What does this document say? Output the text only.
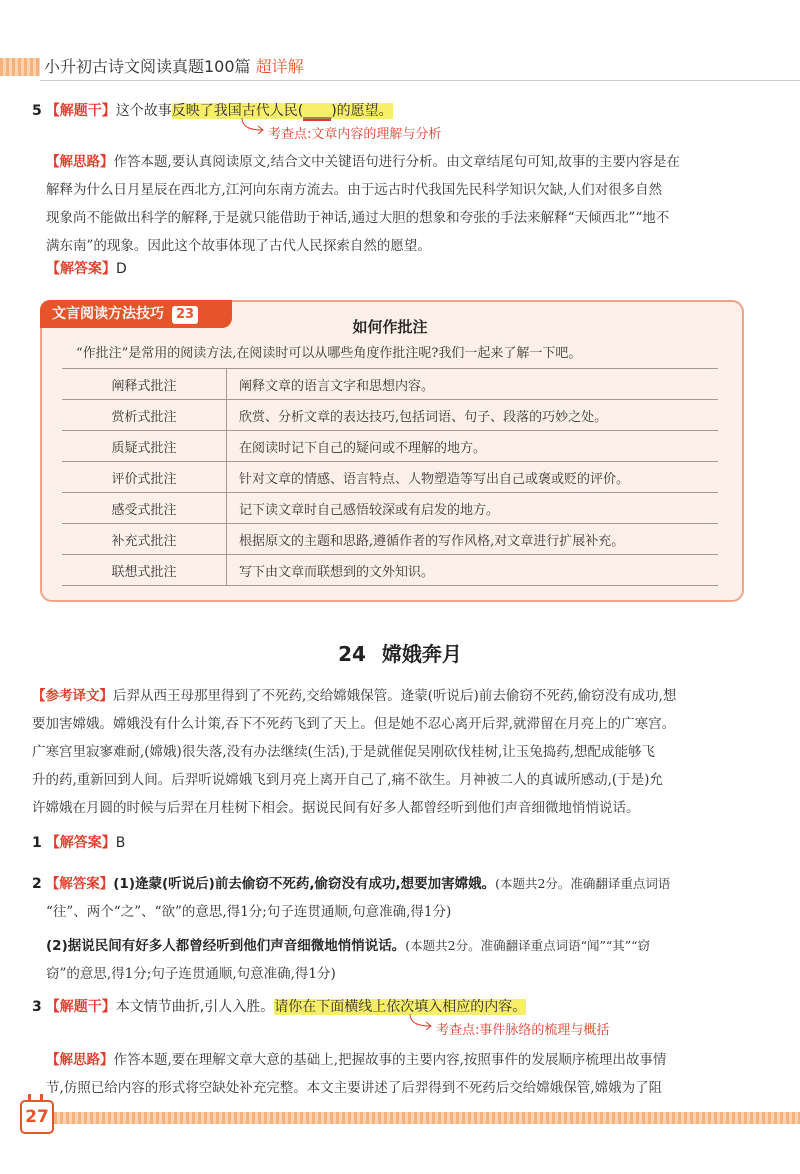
小升初古诗文阅读真题100篇 超详解
5 【解题干】这个故事反映了我国古代人民(____)的愿望。
考查点:文章内容的理解与分析
【解思路】作答本题,要认真阅读原文,结合文中关键语句进行分析。由文章结尾句可知,故事的主要内容是在
解释为什么日月星辰在西北方,江河向东南方流去。由于远古时代我国先民科学知识欠缺,人们对很多自然
现象尚不能做出科学的解释,于是就只能借助于神话,通过大胆的想象和夸张的手法来解释“天倾西北”“地不
满东南”的现象。因此这个故事体现了古代人民探索自然的愿望。
【解答案】D
文言阅读方法技巧 23
如何作批注
“作批注”是常用的阅读方法,在阅读时可以从哪些角度作批注呢?我们一起来了解一下吧。
阐释式批注	阐释文章的语言文字和思想内容。
赏析式批注	欣赏、分析文章的表达技巧,包括词语、句子、段落的巧妙之处。
质疑式批注	在阅读时记下自己的疑问或不理解的地方。
评价式批注	针对文章的情感、语言特点、人物塑造等写出自己或褒或贬的评价。
感受式批注	记下读文章时自己感悟较深或有启发的地方。
补充式批注	根据原文的主题和思路,遵循作者的写作风格,对文章进行扩展补充。
联想式批注	写下由文章而联想到的文外知识。
24 嫦娥奔月
【参考译文】后羿从西王母那里得到了不死药,交给嫦娥保管。逄蒙(听说后)前去偷窃不死药,偷窃没有成功,想
要加害嫦娥。嫦娥没有什么计策,吞下不死药飞到了天上。但是她不忍心离开后羿,就滞留在月亮上的广寒宫。
广寒宫里寂寥难耐,(嫦娥)很失落,没有办法继续(生活),于是就催促吴刚砍伐桂树,让玉兔捣药,想配成能够飞
升的药,重新回到人间。后羿听说嫦娥飞到月亮上离开自己了,痛不欲生。月神被二人的真诚所感动,(于是)允
许嫦娥在月圆的时候与后羿在月桂树下相会。据说民间有好多人都曾经听到他们声音细微地悄悄说话。
1 【解答案】B
2 【解答案】(1)逄蒙(听说后)前去偷窃不死药,偷窃没有成功,想要加害嫦娥。(本题共2分。准确翻译重点词语
“往”、两个“之”、“欲”的意思,得1分;句子连贯通顺,句意准确,得1分)
(2)据说民间有好多人都曾经听到他们声音细微地悄悄说话。(本题共2分。准确翻译重点词语“闻”“其”“窃
窃”的意思,得1分;句子连贯通顺,句意准确,得1分)
3 【解题干】本文情节曲折,引人入胜。请你在下面横线上依次填入相应的内容。
考查点:事件脉络的梳理与概括
【解思路】作答本题,要在理解文章大意的基础上,把握故事的主要内容,按照事件的发展顺序梳理出故事情
节,仿照已给内容的形式将空缺处补充完整。本文主要讲述了后羿得到不死药后交给嫦娥保管,嫦娥为了阻
27
